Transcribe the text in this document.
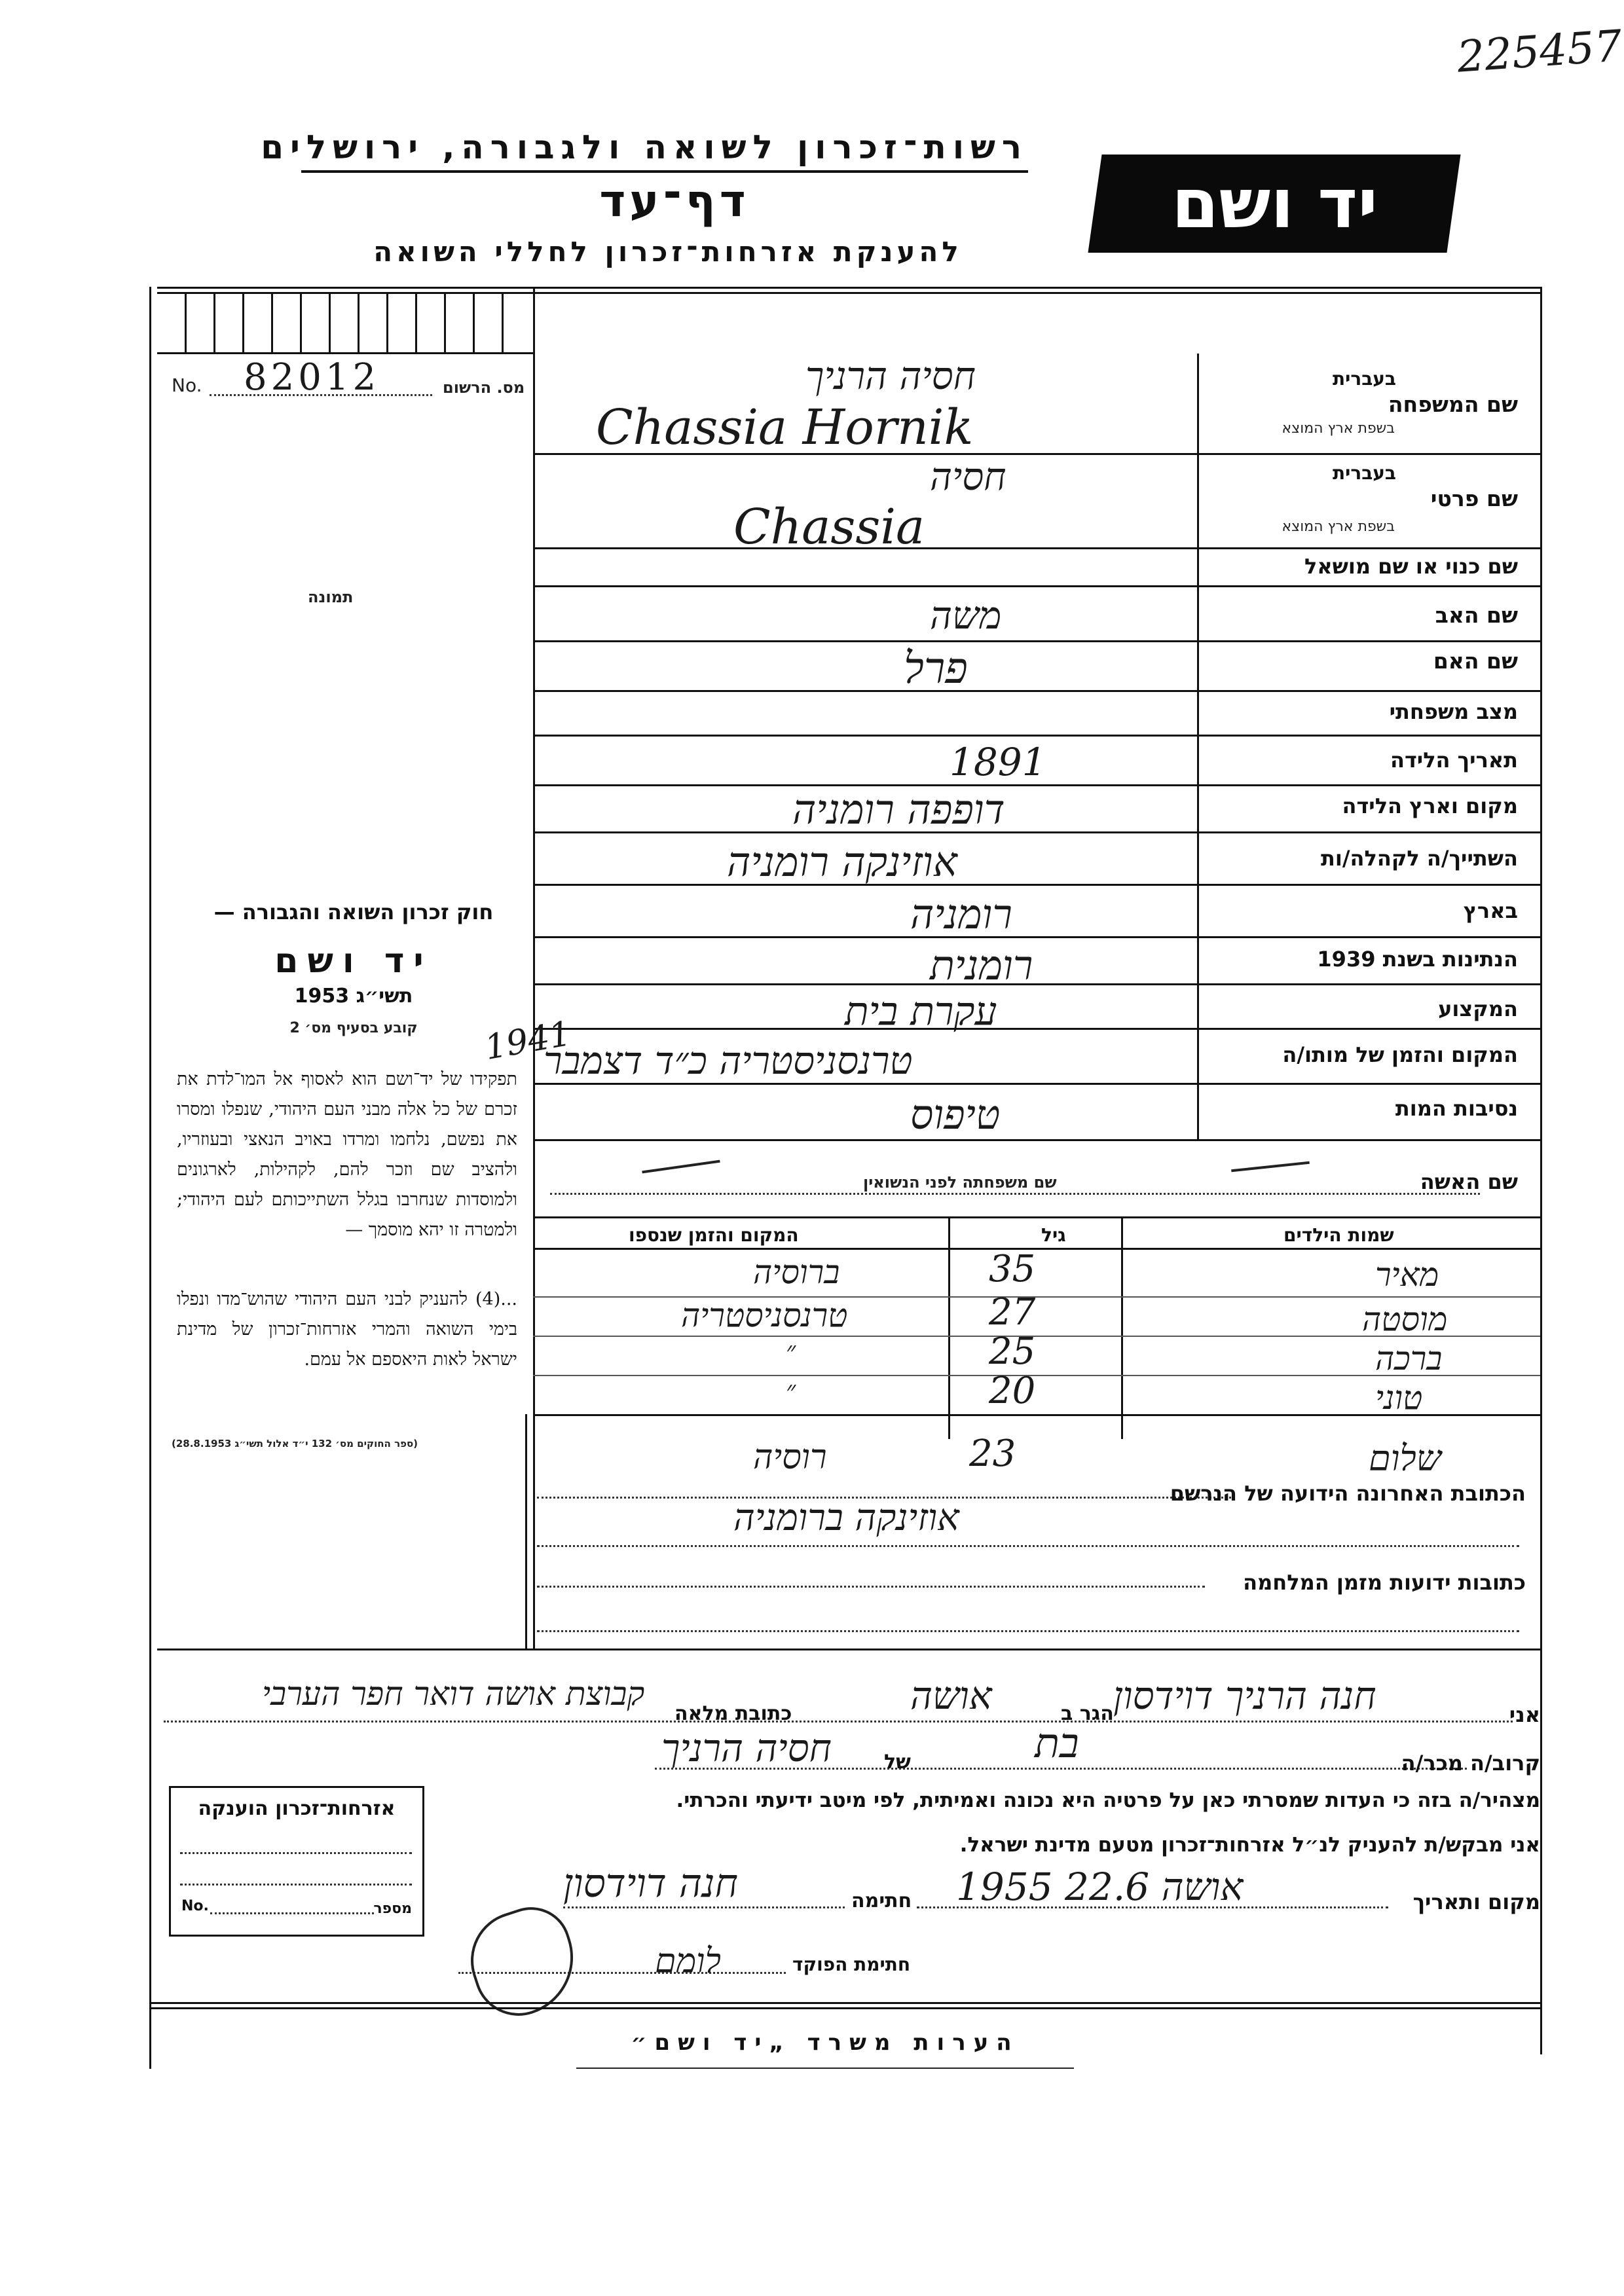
225457
רשות־זכרון לשואה ולגבורה, ירושלים
דף־עד
להענקת אזרחות־זכרון לחללי השואה
יד ושם
No. 82012	מס. הרשום
תמונה
שם המשפחה
בעברית
בשפת ארץ המוצא
חסיה הרניך
Chassia Hornik
שם פרטי
בעברית
בשפת ארץ המוצא
חסיה
Chassia
שם כנוי או שם מושאל
שם האב
משה
שם האם
פרל
מצב משפחתי
תאריך הלידה
1891
מקום וארץ הלידה
דופפה רומניה
השתייך/ה לקהלה/ות
אוזינקה רומניה
בארץ
רומניה
הנתינות בשנת 1939
רומנית
המקצוע
עקרת בית
המקום והזמן של מותו/ה
1941
טרנסניסטריה כ״ד דצמבר
נסיבות המות
טיפוס
שם האשה
שם משפחתה לפני הנשואין
שמות הילדים
גיל
המקום והזמן שנספו
מאיר
35
ברוסיה
מוסטה
27
טרנסניסטריה
ברכה
25
״
טוני
20
״
שלום
23
רוסיה
הכתובת האחרונה הידועה של הנרשם
אוזינקה ברומניה
כתובות ידועות מזמן המלחמה
חוק זכרון השואה והגבורה —
יד ושם
תשי״ג 1953
קובע בסעיף מס׳ 2
תפקידו של יד־ושם הוא לאסוף אל המו־לדת את זכרם של כל אלה מבני העם היהודי, שנפלו ומסרו את נפשם, נלחמו ומרדו באויב הנאצי ובעוזריו, ולהציב שם וזכר להם, לקהילות, לארגונים ולמוסדות שנחרבו בגלל השתייכותם לעם היהודי; ולמטרה זו יהא מוסמך —
...(4) להעניק לבני העם היהודי שהוש־מדו ונפלו בימי השואה והמרי אזרחות־זכרון של מדינת ישראל לאות היאספם אל עמם.
(ספר החוקים מס׳ 132 י״ד אלול תשי״ג 28.8.1953)
אני
חנה הרניך דוידסון
הגר ב
אושה
כתובת מלאה
קבוצת אושה דואר חפר הערבי
קרוב/ה מכר/ה
בת
של
חסיה הרניך
מצהיר/ה בזה כי העדות שמסרתי כאן על פרטיה היא נכונה ואמיתית, לפי מיטב ידיעתי והכרתי.
אני מבקש/ת להעניק לנ״ל אזרחות־זכרון מטעם מדינת ישראל.
מקום ותאריך
אושה 22.6 1955
חתימה
חנה דוידסון
חתימת הפוקד
לומם
אזרחות־זכרון הוענקה
No.	מספר
הערות משרד „יד ושם״
